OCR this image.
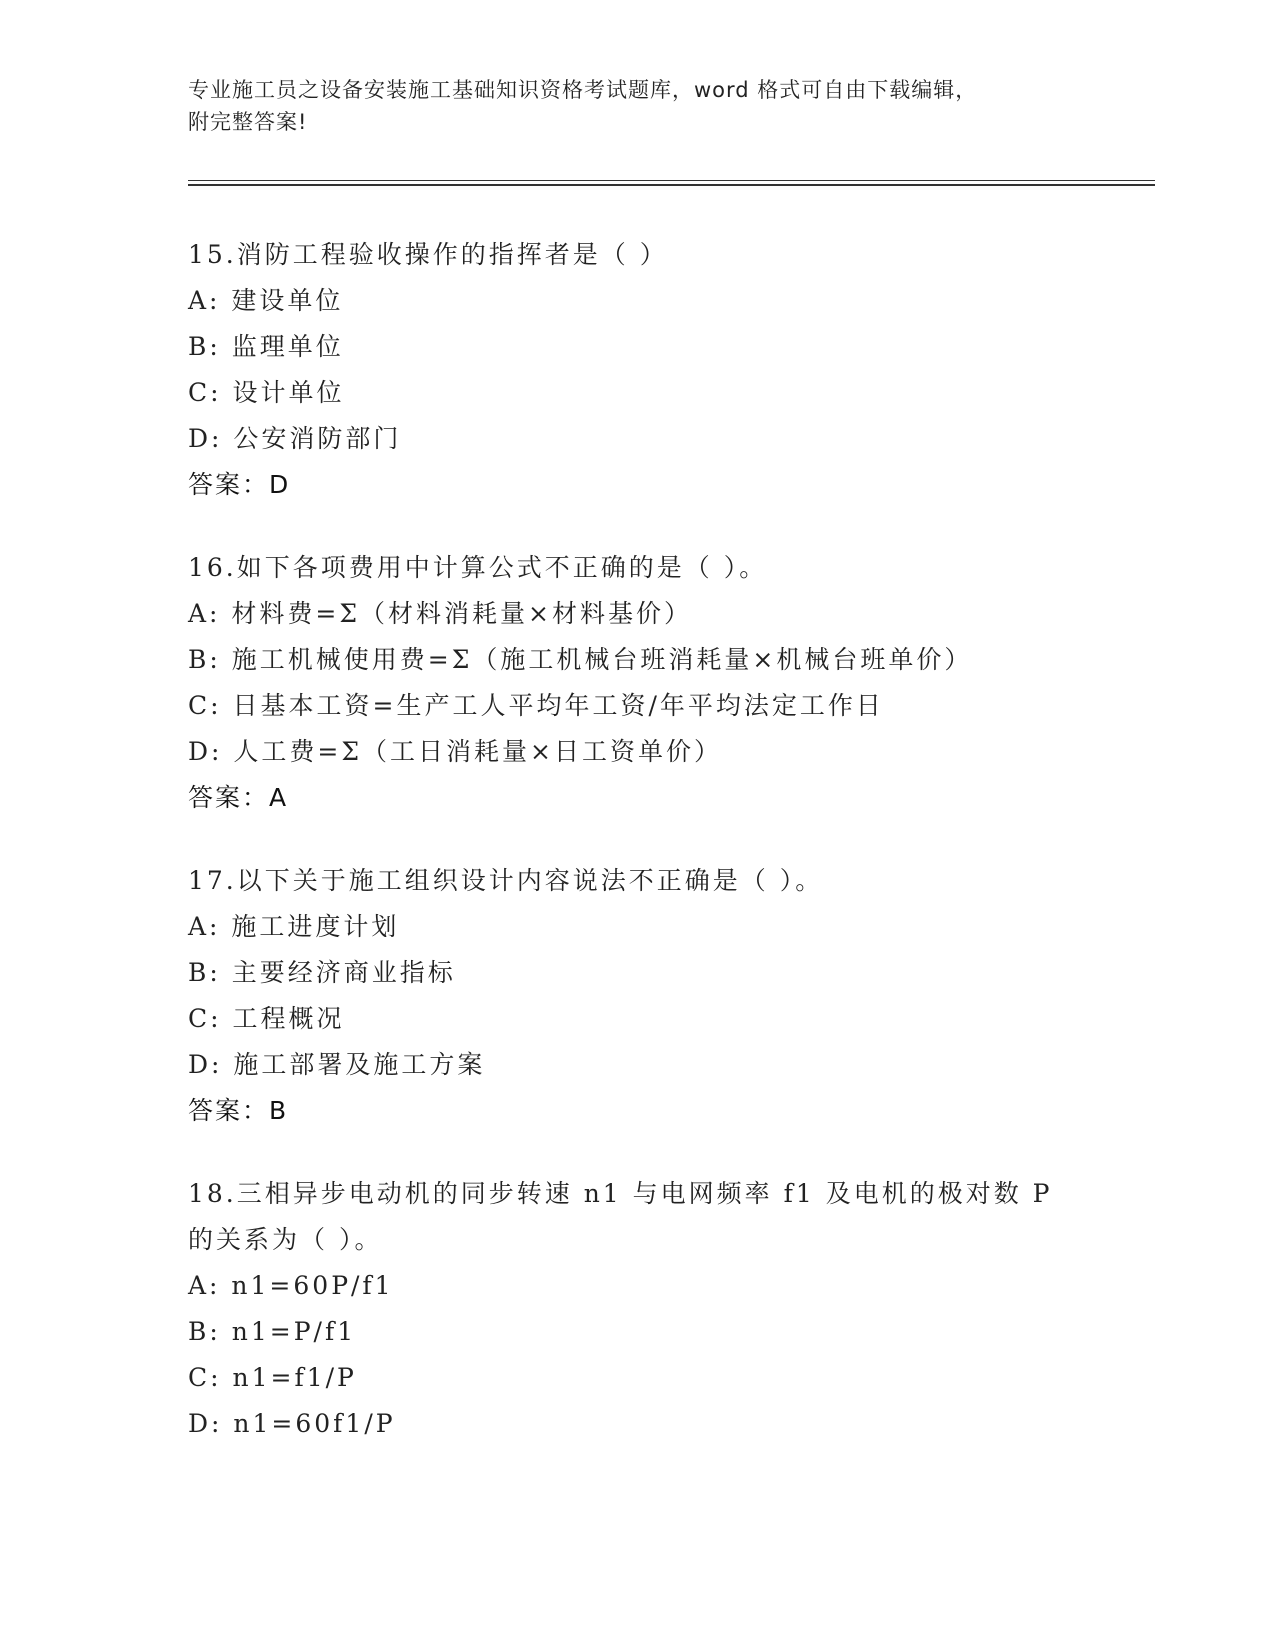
专业施工员之设备安装施工基础知识资格考试题库，word 格式可自由下载编辑，
附完整答案!
15.消防工程验收操作的指挥者是（ ）
A: 建设单位
B: 监理单位
C: 设计单位
D: 公安消防部门
答案：D
16.如下各项费用中计算公式不正确的是（ ）。
A: 材料费=Σ（材料消耗量×材料基价）
B: 施工机械使用费=Σ（施工机械台班消耗量×机械台班单价）
C: 日基本工资=生产工人平均年工资/年平均法定工作日
D: 人工费=Σ（工日消耗量×日工资单价）
答案：A
17.以下关于施工组织设计内容说法不正确是（ ）。
A: 施工进度计划
B: 主要经济商业指标
C: 工程概况
D: 施工部署及施工方案
答案：B
18.三相异步电动机的同步转速 n1 与电网频率 f1 及电机的极对数 P 的关系为（ ）。
A: n1=60P/f1
B: n1=P/f1
C: n1=f1/P
D: n1=60f1/P
